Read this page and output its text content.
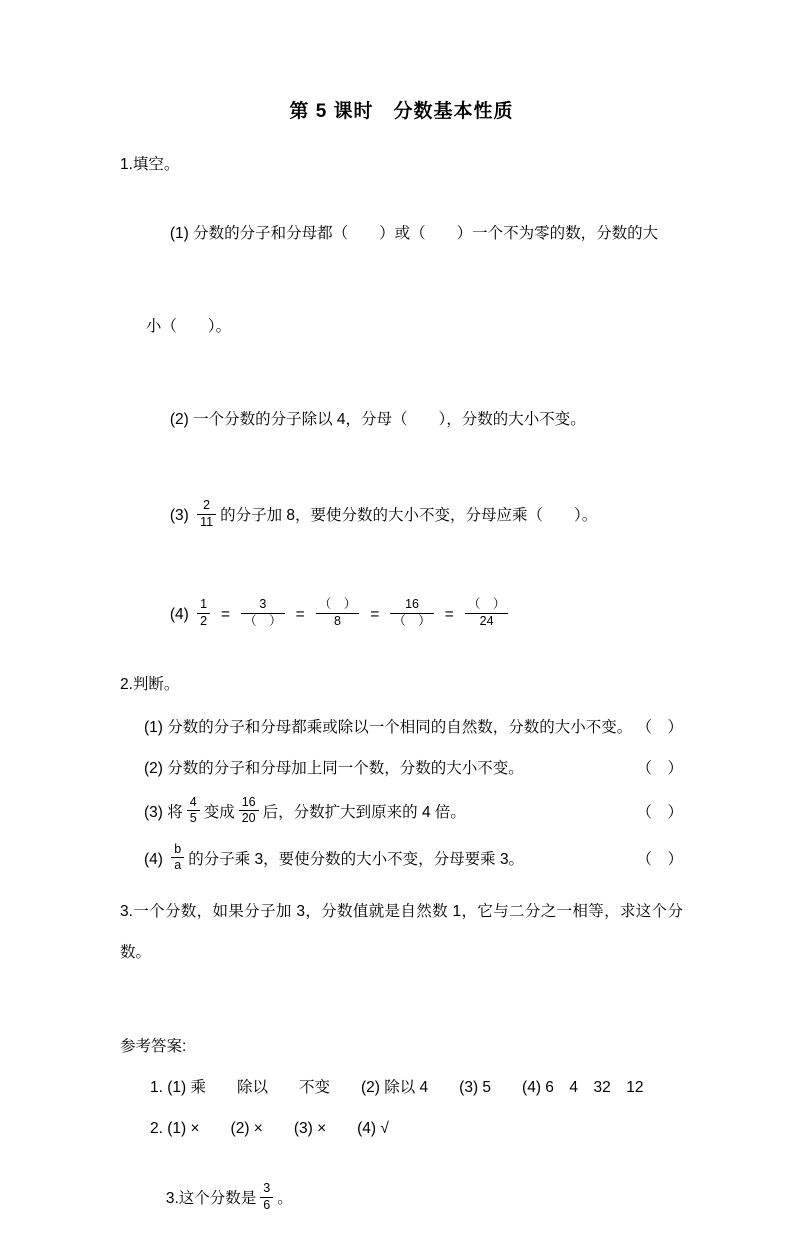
第 5 课时　分数基本性质
1.填空。

(1) 分数的分子和分母都（　　）或（　　）一个不为零的数，分数的大

小（　　）。

(2) 一个分数的分子除以 4，分母（　　），分数的大小不变。

$(3) \frac{2}{11}$ 的分子加 8，要使分数的大小不变，分母应乘（　　）。

$(4) \frac{1}{2} = \frac{3}{( )} = \frac{( )}{8} = \frac{16}{( )} = \frac{( )}{24}$

2.判断。
(1) 分数的分子和分母都乘或除以一个相同的自然数，分数的大小不变。 （　）
(2) 分数的分子和分母加上同一个数，分数的大小不变。	（　）
(3) 将 $\frac{4}{5}$ 变成 $\frac{16}{20}$ 后，分数扩大到原来的 4 倍。	（　）
$(4) \frac{b}{a}$ 的分子乘 3，要使分数的大小不变，分母要乘 3。	（　）

3.一个分数，如果分子加 3，分数值就是自然数 1，它与二分之一相等，求这个分数。

参考答案:
1. (1) 乘　　除以　　不变　　(2) 除以 4　　(3) 5　　(4) 6　4　32　12
2. (1) ×　　(2) ×　　(3) ×　　(4) √

3.这个分数是 $\frac{3}{6}$ 。
